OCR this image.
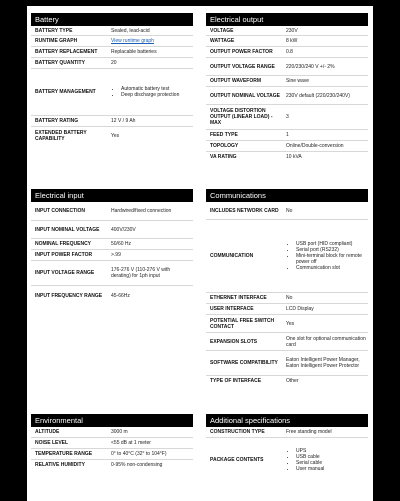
Battery
BATTERY TYPE	Sealed, lead-acid
RUNTIME GRAPH	View runtime graph
BATTERY REPLACEMENT	Replacable batteries
BATTERY QUANTITY	20
BATTERY MANAGEMENT
•	Automatic battery test
• Deep discharge protection
BATTERY RATING	12 V / 9 Ah
EXTENDED BATTERY CAPABILITY	Yes
Electrical output
VOLTAGE	230V
WATTAGE	8 kW
OUTPUT POWER FACTOR	0.8
OUTPUT VOLTAGE RANGE	220/230/240 V +/- 2%
OUTPUT WAVEFORM	Sine wave
OUTPUT NOMINAL VOLTAGE	230V default (220/230/240V)
VOLTAGE DISTORTION OUTPUT (LINEAR LOAD) - MAX
3
FEED TYPE	1
TOPOLOGY	Online/Double-conversion
VA RATING	10 kVA
Electrical input
INPUT CONNECTION	Hardwired/fixed connection
INPUT NOMINAL VOLTAGE	400V/230V
NOMINAL FREQUENCY	50/60 Hz
INPUT POWER FACTOR	>.99
INPUT VOLTAGE RANGE	176-276 V (110-276 V with derating) for 1ph input
INPUT FREQUENCY RANGE	45-66Hz
Communications
INCLUDES NETWORK CARD	No
COMMUNICATION
• USB port (HID compliant)
• Serial port (RS232)
• Mini-terminal block for remote power off
• Communication slot
ETHERNET INTERFACE	No
USER INTERFACE	LCD Display
POTENTIAL FREE SWITCH CONTACT	Yes
EXPANSION SLOTS	One slot for optional communication card
SOFTWARE COMPATIBILITY	Eaton Intelligent Power Manager, Eaton Intelligent Power Protector
TYPE OF INTERFACE	Other
Environmental
ALTITUDE	3000 m
NOISE LEVEL	<55 dB at 1 meter
TEMPERATURE RANGE	0° to 40°C (32° to 104°F)
RELATIVE HUMIDITY	0-95% non-condensing
Additional specifications
CONSTRUCTION TYPE	Free standing model
PACKAGE CONTENTS
• UPS
• USB cable
• Serial cable
• User manual
